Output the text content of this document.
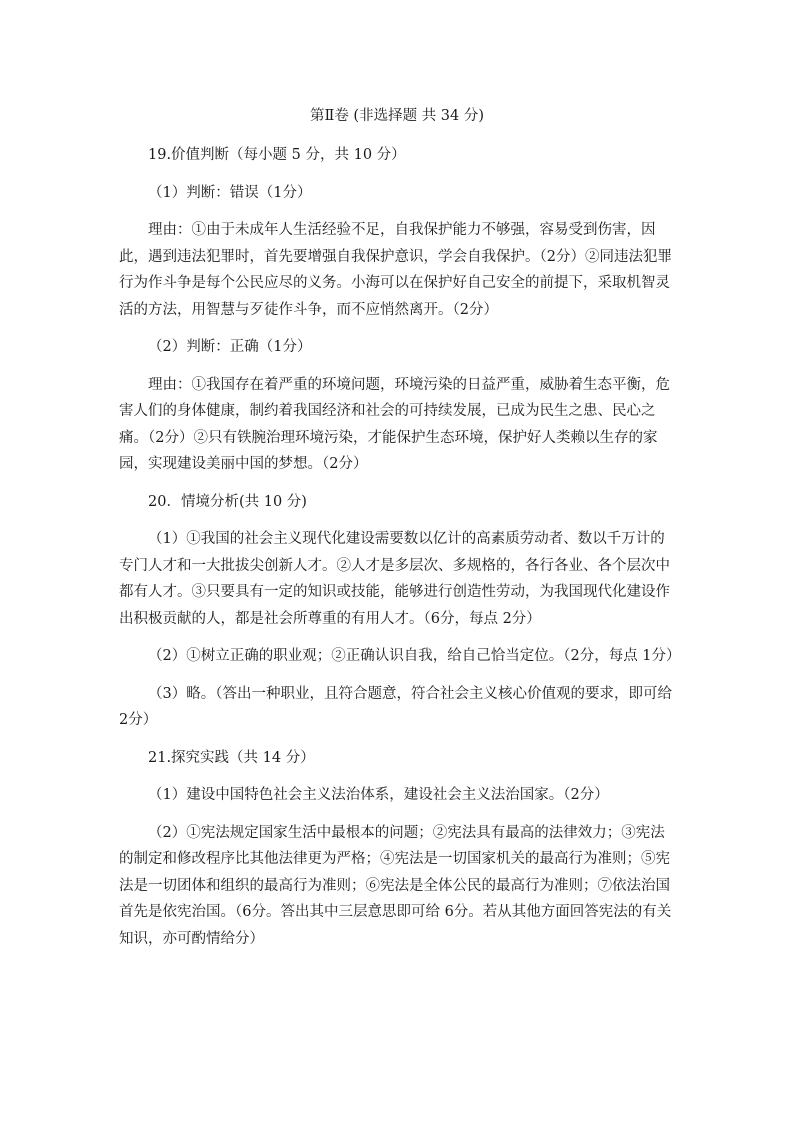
第Ⅱ卷 (非选择题 共 34 分)

19.价值判断（每小题 5 分，共 10 分）

（1）判断：错误（1分）

理由：①由于未成年人生活经验不足，自我保护能力不够强，容易受到伤害，因此，遇到违法犯罪时，首先要增强自我保护意识，学会自我保护。（2分）②同违法犯罪行为作斗争是每个公民应尽的义务。小海可以在保护好自己安全的前提下，采取机智灵活的方法，用智慧与歹徒作斗争，而不应悄然离开。（2分）

（2）判断：正确（1分）

理由：①我国存在着严重的环境问题，环境污染的日益严重，威胁着生态平衡，危害人们的身体健康，制约着我国经济和社会的可持续发展，已成为民生之患、民心之痛。（2分）②只有铁腕治理环境污染，才能保护生态环境，保护好人类赖以生存的家园，实现建设美丽中国的梦想。（2分）

20．情境分析(共 10 分)

（1）①我国的社会主义现代化建设需要数以亿计的高素质劳动者、数以千万计的专门人才和一大批拔尖创新人才。②人才是多层次、多规格的，各行各业、各个层次中都有人才。③只要具有一定的知识或技能，能够进行创造性劳动，为我国现代化建设作出积极贡献的人，都是社会所尊重的有用人才。（6分，每点 2分）

（2）①树立正确的职业观；②正确认识自我，给自己恰当定位。（2分，每点 1分）

（3）略。（答出一种职业，且符合题意，符合社会主义核心价值观的要求，即可给 2分）

21.探究实践（共 14 分）

（1）建设中国特色社会主义法治体系，建设社会主义法治国家。（2分）

（2）①宪法规定国家生活中最根本的问题；②宪法具有最高的法律效力；③宪法的制定和修改程序比其他法律更为严格；④宪法是一切国家机关的最高行为准则；⑤宪法是一切团体和组织的最高行为准则；⑥宪法是全体公民的最高行为准则；⑦依法治国首先是依宪治国。（6分。答出其中三层意思即可给 6分。若从其他方面回答宪法的有关知识，亦可酌情给分）
